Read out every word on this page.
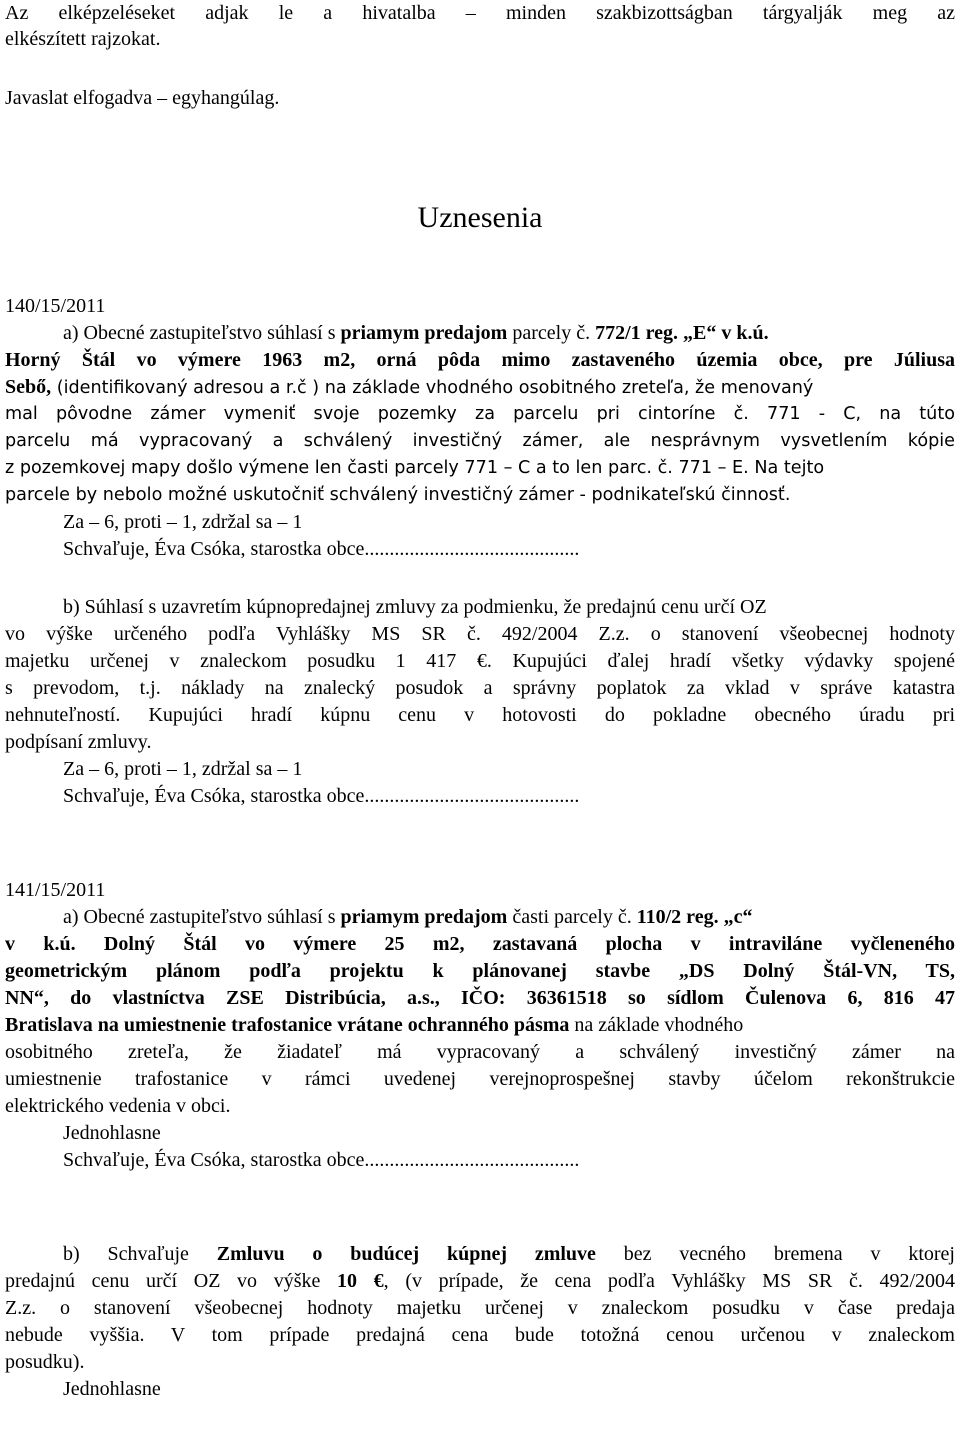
Az elképzeléseket adjak le a hivatalba – minden szakbizottságban tárgyalják meg az
elkészített rajzokat.
Javaslat elfogadva – egyhangúlag.
Uznesenia
140/15/2011
a) Obecné zastupiteľstvo súhlasí s priamym predajom parcely č. 772/1 reg. „E“ v k.ú.
Horný Štál vo výmere 1963 m2, orná pôda mimo zastaveného územia obce, pre Júliusa
Sebő, (identifikovaný adresou a r.č ) na základe vhodného osobitného zreteľa, že menovaný
mal pôvodne zámer vymeniť svoje pozemky za parcelu pri cintoríne č. 771 - C, na túto
parcelu má vypracovaný a schválený investičný zámer, ale nesprávnym vysvetlením kópie
z pozemkovej mapy došlo výmene len časti parcely 771 – C a to len parc. č. 771 – E. Na tejto
parcele by nebolo možné uskutočniť schválený investičný zámer - podnikateľskú činnosť.
Za – 6, proti – 1, zdržal sa – 1
Schvaľuje, Éva Csóka, starostka obce...........................................
b) Súhlasí s uzavretím kúpnopredajnej zmluvy za podmienku, že predajnú cenu určí OZ
vo výške určeného podľa Vyhlášky MS SR č. 492/2004 Z.z. o stanovení všeobecnej hodnoty
majetku určenej v znaleckom posudku 1 417 €. Kupujúci ďalej hradí všetky výdavky spojené
s prevodom, t.j. náklady na znalecký posudok a správny poplatok za vklad v správe katastra
nehnuteľností. Kupujúci hradí kúpnu cenu v hotovosti do pokladne obecného úradu pri
podpísaní zmluvy.
Za – 6, proti – 1, zdržal sa – 1
Schvaľuje, Éva Csóka, starostka obce...........................................
141/15/2011
a) Obecné zastupiteľstvo súhlasí s priamym predajom časti parcely č. 110/2 reg. „c“
v k.ú. Dolný Štál vo výmere 25 m2, zastavaná plocha v intraviláne vyčleneného
geometrickým plánom podľa projektu k plánovanej stavbe „DS Dolný Štál-VN, TS,
NN“, do vlastníctva ZSE Distribúcia, a.s., IČO: 36361518 so sídlom Čulenova 6, 816 47
Bratislava na umiestnenie trafostanice vrátane ochranného pásma na základe vhodného
osobitného zreteľa, že žiadateľ má vypracovaný a schválený investičný zámer na
umiestnenie trafostanice v rámci uvedenej verejnoprospešnej stavby účelom rekonštrukcie
elektrického vedenia v obci.
Jednohlasne
Schvaľuje, Éva Csóka, starostka obce...........................................
b) Schvaľuje Zmluvu o budúcej kúpnej zmluve bez vecného bremena v ktorej
predajnú cenu určí OZ vo výške 10 €, (v prípade, že cena podľa Vyhlášky MS SR č. 492/2004
Z.z. o stanovení všeobecnej hodnoty majetku určenej v znaleckom posudku v čase predaja
nebude vyššia. V tom prípade predajná cena bude totožná cenou určenou v znaleckom
posudku).
Jednohlasne
